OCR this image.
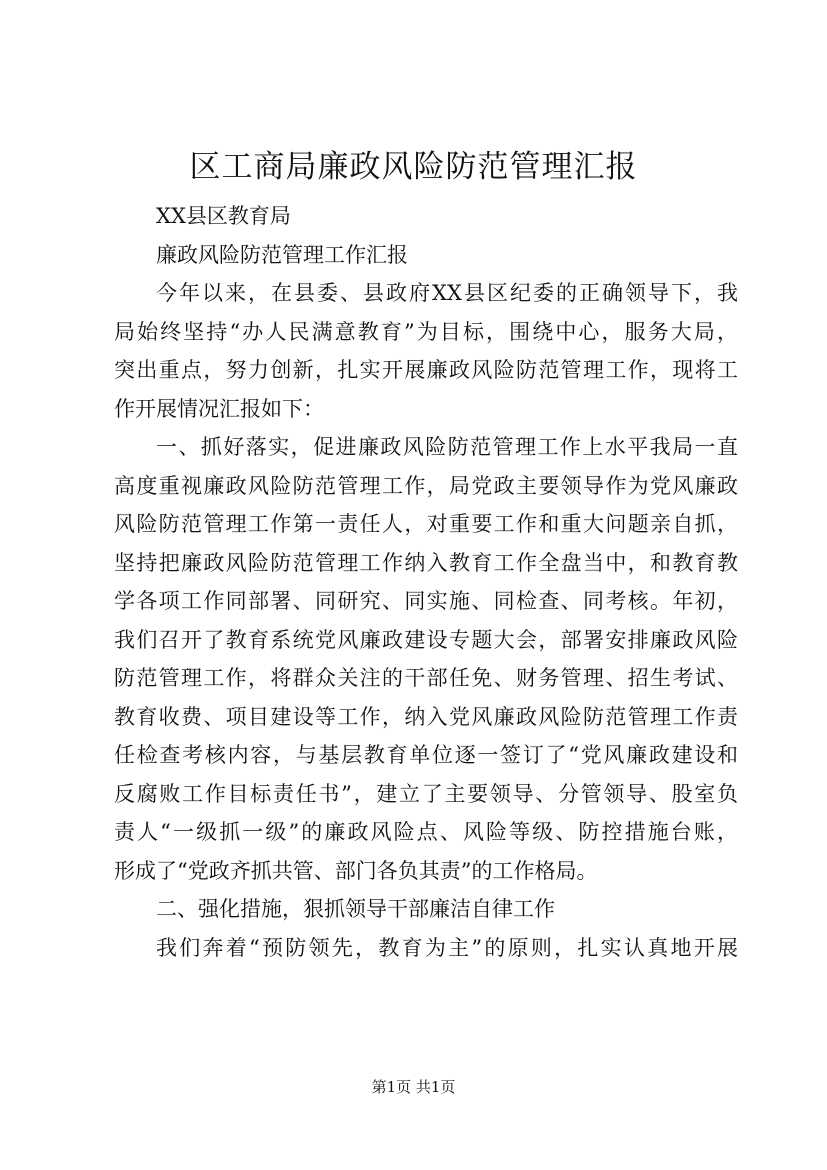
区工商局廉政风险防范管理汇报
XX县区教育局
廉政风险防范管理工作汇报
今年以来，在县委、县政府XX县区纪委的正确领导下，我
局始终坚持“办人民满意教育”为目标，围绕中心，服务大局，
突出重点，努力创新，扎实开展廉政风险防范管理工作，现将工
作开展情况汇报如下：
一、抓好落实，促进廉政风险防范管理工作上水平我局一直
高度重视廉政风险防范管理工作，局党政主要领导作为党风廉政
风险防范管理工作第一责任人，对重要工作和重大问题亲自抓，
坚持把廉政风险防范管理工作纳入教育工作全盘当中，和教育教
学各项工作同部署、同研究、同实施、同检查、同考核。年初，
我们召开了教育系统党风廉政建设专题大会，部署安排廉政风险
防范管理工作，将群众关注的干部任免、财务管理、招生考试、
教育收费、项目建设等工作，纳入党风廉政风险防范管理工作责
任检查考核内容，与基层教育单位逐一签订了“党风廉政建设和
反腐败工作目标责任书”，建立了主要领导、分管领导、股室负
责人“一级抓一级”的廉政风险点、风险等级、防控措施台账，
形成了“党政齐抓共管、部门各负其责”的工作格局。
二、强化措施，狠抓领导干部廉洁自律工作
我们奔着“预防领先，教育为主”的原则，扎实认真地开展
第1页 共1页
